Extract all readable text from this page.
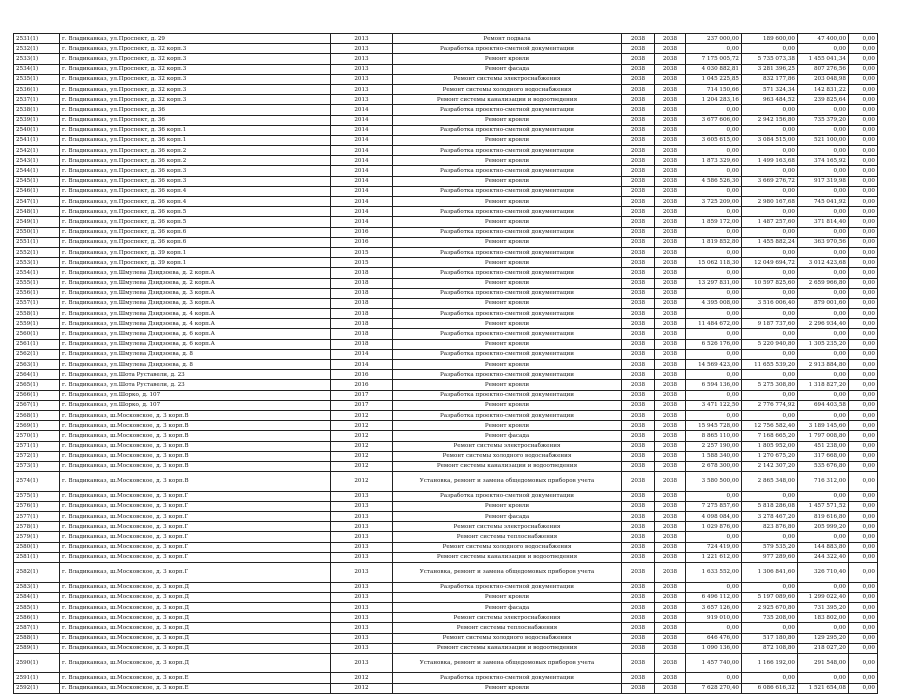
2531(1)	г. Владикавказ, ул.Проспект, д. 29	2013	Ремонт подвала	2038	2038	237 000,00	189 600,00	47 400,00	0,00
2532(1)	г. Владикавказ, ул.Проспект, д. 32 корп.3	2013	Разработка проектно-сметной документации	2038	2038	0,00	0,00	0,00	0,00
2533(1)	г. Владикавказ, ул.Проспект, д. 32 корп.3	2013	Ремонт кровли	2038	2038	7 175 005,72	5 735 073,38	1 455 041,34	0,00
2534(1)	г. Владикавказ, ул.Проспект, д. 32 корп.3	2013	Ремонт фасада	2038	2038	4 030 882,81	3 281 396,25	807 276,56	0,00
2535(1)	г. Владикавказ, ул.Проспект, д. 32 корп.3	2013	Ремонт системы электроснабжения	2038	2038	1 045 225,85	832 177,86	203 048,98	0,00
2536(1)	г. Владикавказ, ул.Проспект, д. 32 корп.3	2013	Ремонт системы холодного водоснабжения	2038	2038	714 150,66	571 324,34	142 831,22	0,00
2537(1)	г. Владикавказ, ул.Проспект, д. 32 корп.3	2013	Ремонт системы канализации и водоотведения	2038	2038	1 204 283,16	963 484,52	239 825,64	0,00
2538(1)	г. Владикавказ, ул.Проспект, д. 36	2014	Разработка проектно-сметной документации	2038	2038	0,00	0,00	0,00	0,00
2539(1)	г. Владикавказ, ул.Проспект, д. 36	2014	Ремонт кровли	2038	2038	3 677 606,00	2 942 156,80	735 379,20	0,00
2540(1)	г. Владикавказ, ул.Проспект, д. 36 корп.1	2014	Разработка проектно-сметной документации	2038	2038	0,00	0,00	0,00	0,00
2541(1)	г. Владикавказ, ул.Проспект, д. 36 корп.1	2014	Ремонт кровли	2038	2038	3 605 615,00	3 084 515,00	521 100,00	0,00
2542(1)	г. Владикавказ, ул.Проспект, д. 36 корп.2	2014	Разработка проектно-сметной документации	2038	2038	0,00	0,00	0,00	0,00
2543(1)	г. Владикавказ, ул.Проспект, д. 36 корп.2	2014	Ремонт кровли	2038	2038	1 873 329,60	1 499 163,68	374 165,92	0,00
2544(1)	г. Владикавказ, ул.Проспект, д. 36 корп.3	2014	Разработка проектно-сметной документации	2038	2038	0,00	0,00	0,00	0,00
2545(1)	г. Владикавказ, ул.Проспект, д. 36 корп.3	2014	Ремонт кровли	2038	2038	4 586 526,30	3 669 276,72	917 319,98	0,00
2546(1)	г. Владикавказ, ул.Проспект, д. 36 корп.4	2014	Разработка проектно-сметной документации	2038	2038	0,00	0,00	0,00	0,00
2547(1)	г. Владикавказ, ул.Проспект, д. 36 корп.4	2014	Ремонт кровли	2038	2038	3 725 209,00	2 980 167,68	745 041,92	0,00
2548(1)	г. Владикавказ, ул.Проспект, д. 36 корп.5	2014	Разработка проектно-сметной документации	2038	2038	0,00	0,00	0,00	0,00
2549(1)	г. Владикавказ, ул.Проспект, д. 36 корп.5	2014	Ремонт кровли	2038	2038	1 859 172,00	1 487 257,60	371 814,40	0,00
2550(1)	г. Владикавказ, ул.Проспект, д. 36 корп.6	2016	Разработка проектно-сметной документации	2038	2038	0,00	0,00	0,00	0,00
2551(1)	г. Владикавказ, ул.Проспект, д. 36 корп.6	2016	Ремонт кровли	2038	2038	1 819 852,80	1 455 882,24	363 970,56	0,00
2552(1)	г. Владикавказ, ул.Проспект, д. 39 корп.1	2015	Разработка проектно-сметной документации	2038	2038	0,00	0,00	0,00	0,00
2553(1)	г. Владикавказ, ул.Проспект, д. 39 корп.1	2015	Ремонт кровли	2038	2038	15 062 118,30	12 049 694,72	3 012 423,68	0,00
2554(1)	г. Владикавказ, ул.Шмулева Дзидзоева, д. 2 корп.А	2018	Разработка проектно-сметной документации	2038	2038	0,00	0,00	0,00	0,00
2555(1)	г. Владикавказ, ул.Шмулева Дзидзоева, д. 2 корп.А	2018	Ремонт кровли	2038	2038	13 297 831,00	10 597 825,60	2 659 966,80	0,00
2556(1)	г. Владикавказ, ул.Шмулева Дзидзоева, д. 3 корп.А	2018	Разработка проектно-сметной документации	2038	2038	0,00	0,00	0,00	0,00
2557(1)	г. Владикавказ, ул.Шмулева Дзидзоева, д. 3 корп.А	2018	Ремонт кровли	2038	2038	4 395 008,00	3 516 006,40	879 001,60	0,00
2558(1)	г. Владикавказ, ул.Шмулева Дзидзоева, д. 4 корп.А	2018	Разработка проектно-сметной документации	2038	2038	0,00	0,00	0,00	0,00
2559(1)	г. Владикавказ, ул.Шмулева Дзидзоева, д. 4 корп.А	2018	Ремонт кровли	2038	2038	11 484 672,00	9 187 737,60	2 296 934,40	0,00
2560(1)	г. Владикавказ, ул.Шмулева Дзидзоева, д. 6 корп.А	2018	Разработка проектно-сметной документации	2038	2038	0,00	0,00	0,00	0,00
2561(1)	г. Владикавказ, ул.Шмулева Дзидзоева, д. 6 корп.А	2018	Ремонт кровли	2038	2038	6 526 176,00	5 220 940,80	1 305 235,20	0,00
2562(1)	г. Владикавказ, ул.Шмулева Дзидзоева, д. 8	2014	Разработка проектно-сметной документации	2038	2038	0,00	0,00	0,00	0,00
2563(1)	г. Владикавказ, ул.Шмулева Дзидзоева, д. 8	2014	Ремонт кровли	2038	2038	14 569 423,00	11 655 539,20	2 913 884,80	0,00
2564(1)	г. Владикавказ, ул.Шота Руставели, д. 23	2016	Разработка проектно-сметной документации	2038	2038	0,00	0,00	0,00	0,00
2565(1)	г. Владикавказ, ул.Шота Руставели, д. 23	2016	Ремонт кровли	2038	2038	6 594 136,00	5 275 308,80	1 318 827,20	0,00
2566(1)	г. Владикавказ, ул.Шорко, д. 107	2017	Разработка проектно-сметной документации	2038	2038	0,00	0,00	0,00	0,00
2567(1)	г. Владикавказ, ул.Шорко, д. 107	2017	Ремонт кровли	2038	2038	3 471 122,50	2 776 774,92	694 403,58	0,00
2568(1)	г. Владикавказ, ш.Московское, д. 3 корп.В	2012	Разработка проектно-сметной документации	2038	2038	0,00	0,00	0,00	0,00
2569(1)	г. Владикавказ, ш.Московское, д. 3 корп.В	2012	Ремонт кровли	2038	2038	15 945 728,00	12 756 582,40	3 189 145,60	0,00
2570(1)	г. Владикавказ, ш.Московское, д. 3 корп.В	2012	Ремонт фасада	2038	2038	8 865 110,00	7 168 665,20	1 797 008,80	0,00
2571(1)	г. Владикавказ, ш.Московское, д. 3 корп.В	2012	Ремонт системы электроснабжения	2038	2038	2 257 190,00	1 805 952,00	451 238,00	0,00
2572(1)	г. Владикавказ, ш.Московское, д. 3 корп.В	2012	Ремонт системы холодного водоснабжения	2038	2038	1 588 340,00	1 270 675,20	317 668,00	0,00
2573(1)	г. Владикавказ, ш.Московское, д. 3 корп.В	2012	Ремонт системы канализации и водоотведения	2038	2038	2 678 300,00	2 142 307,20	535 676,80	0,00
2574(1)	г. Владикавказ, ш.Московское, д. 3 корп.В	2012	Установка, ремонт и замена общедомовых приборов учета	2038	2038	3 580 500,00	2 865 348,00	716 312,00	0,00
2575(1)	г. Владикавказ, ш.Московское, д. 3 корп.Г	2013	Разработка проектно-сметной документации	2038	2038	0,00	0,00	0,00	0,00
2576(1)	г. Владикавказ, ш.Московское, д. 3 корп.Г	2013	Ремонт кровли	2038	2038	7 275 857,60	5 818 286,08	1 457 571,52	0,00
2577(1)	г. Владикавказ, ш.Московское, д. 3 корп.Г	2013	Ремонт фасада	2038	2038	4 098 084,00	3 278 467,20	819 616,80	0,00
2578(1)	г. Владикавказ, ш.Московское, д. 3 корп.Г	2013	Ремонт системы электроснабжения	2038	2038	1 029 876,00	823 876,80	205 999,20	0,00
2579(1)	г. Владикавказ, ш.Московское, д. 3 корп.Г	2013	Ремонт системы теплоснабжения	2038	2038	0,00	0,00	0,00	0,00
2580(1)	г. Владикавказ, ш.Московское, д. 3 корп.Г	2013	Ремонт системы холодного водоснабжения	2038	2038	724 419,00	579 535,20	144 883,80	0,00
2581(1)	г. Владикавказ, ш.Московское, д. 3 корп.Г	2013	Ремонт системы канализации и водоотведения	2038	2038	1 221 612,00	977 289,60	244 322,40	0,00
2582(1)	г. Владикавказ, ш.Московское, д. 3 корп.Г	2013	Установка, ремонт и замена общедомовых приборов учета	2038	2038	1 633 552,00	1 306 841,60	326 710,40	0,00
2583(1)	г. Владикавказ, ш.Московское, д. 3 корп.Д	2013	Разработка проектно-сметной документации	2038	2038	0,00	0,00	0,00	0,00
2584(1)	г. Владикавказ, ш.Московское, д. 3 корп.Д	2013	Ремонт кровли	2038	2038	6 496 112,00	5 197 089,60	1 299 022,40	0,00
2585(1)	г. Владикавказ, ш.Московское, д. 3 корп.Д	2013	Ремонт фасада	2038	2038	3 657 126,00	2 925 670,80	731 395,20	0,00
2586(1)	г. Владикавказ, ш.Московское, д. 3 корп.Д	2013	Ремонт системы электроснабжения	2038	2038	919 010,00	735 208,00	183 802,00	0,00
2587(1)	г. Владикавказ, ш.Московское, д. 3 корп.Д	2013	Ремонт системы теплоснабжения	2038	2038	0,00	0,00	0,00	0,00
2588(1)	г. Владикавказ, ш.Московское, д. 3 корп.Д	2013	Ремонт системы холодного водоснабжения	2038	2038	646 476,00	517 180,80	129 295,20	0,00
2589(1)	г. Владикавказ, ш.Московское, д. 3 корп.Д	2013	Ремонт системы канализации и водоотведения	2038	2038	1 090 136,00	872 108,80	218 027,20	0,00
2590(1)	г. Владикавказ, ш.Московское, д. 3 корп.Д	2013	Установка, ремонт и замена общедомовых приборов учета	2038	2038	1 457 740,00	1 166 192,00	291 548,00	0,00
2591(1)	г. Владикавказ, ш.Московское, д. 3 корп.Е	2012	Разработка проектно-сметной документации	2038	2038	0,00	0,00	0,00	0,00
2592(1)	г. Владикавказ, ш.Московское, д. 3 корп.Е	2012	Ремонт кровли	2038	2038	7 628 270,40	6 086 616,32	1 521 654,08	0,00
